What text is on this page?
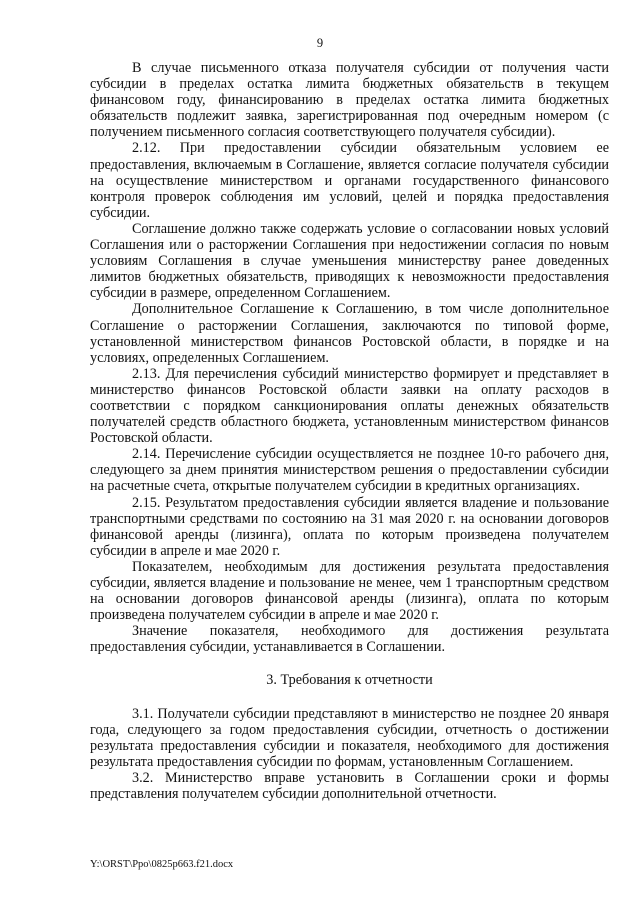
9

В случае письменного отказа получателя субсидии от получения части субсидии в пределах остатка лимита бюджетных обязательств в текущем финансовом году, финансированию в пределах остатка лимита бюджетных обязательств подлежит заявка, зарегистрированная под очередным номером (с получением письменного согласия соответствующего получателя субсидии).

2.12. При предоставлении субсидии обязательным условием ее предоставления, включаемым в Соглашение, является согласие получателя субсидии на осуществление министерством и органами государственного финансового контроля проверок соблюдения им условий, целей и порядка предоставления субсидии.

Соглашение должно также содержать условие о согласовании новых условий Соглашения или о расторжении Соглашения при недостижении согласия по новым условиям Соглашения в случае уменьшения министерству ранее доведенных лимитов бюджетных обязательств, приводящих к невозможности предоставления субсидии в размере, определенном Соглашением.

Дополнительное Соглашение к Соглашению, в том числе дополнительное Соглашение о расторжении Соглашения, заключаются по типовой форме, установленной министерством финансов Ростовской области, в порядке и на условиях, определенных Соглашением.

2.13. Для перечисления субсидий министерство формирует и представляет в министерство финансов Ростовской области заявки на оплату расходов в соответствии с порядком санкционирования оплаты денежных обязательств получателей средств областного бюджета, установленным министерством финансов Ростовской области.

2.14. Перечисление субсидии осуществляется не позднее 10-го рабочего дня, следующего за днем принятия министерством решения о предоставлении субсидии на расчетные счета, открытые получателем субсидии в кредитных организациях.

2.15. Результатом предоставления субсидии является владение и пользование транспортными средствами по состоянию на 31 мая 2020 г. на основании договоров финансовой аренды (лизинга), оплата по которым произведена получателем субсидии в апреле и мае 2020 г.

Показателем, необходимым для достижения результата предоставления субсидии, является владение и пользование не менее, чем 1 транспортным средством на основании договоров финансовой аренды (лизинга), оплата по которым произведена получателем субсидии в апреле и мае 2020 г.

Значение показателя, необходимого для достижения результата предоставления субсидии, устанавливается в Соглашении.

3. Требования к отчетности

3.1. Получатели субсидии представляют в министерство не позднее 20 января года, следующего за годом предоставления субсидии, отчетность о достижении результата предоставления субсидии и показателя, необходимого для достижения результата предоставления субсидии по формам, установленным Соглашением.

3.2. Министерство вправе установить в Соглашении сроки и формы представления получателем субсидии дополнительной отчетности.

Y:\ORST\Ppo\0825p663.f21.docx
